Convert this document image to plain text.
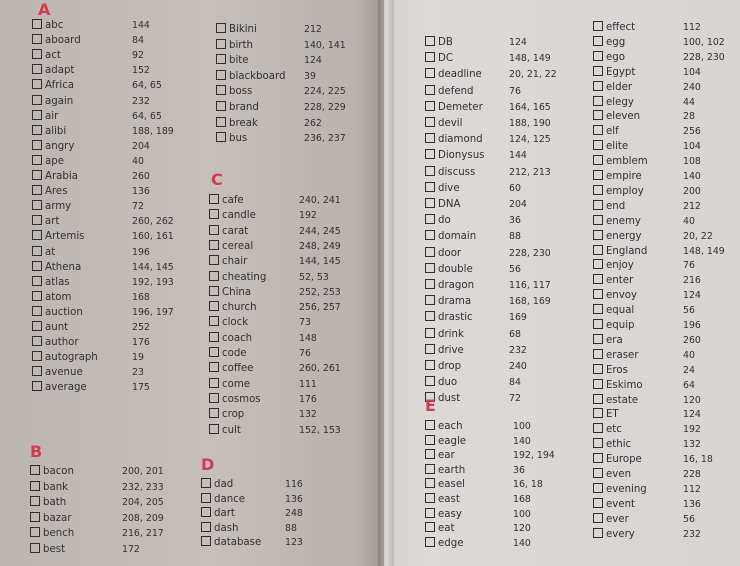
A
abc	144
aboard	84
act	92
adapt	152
Africa	64, 65
again	232
air	64, 65
alibi	188, 189
angry	204
ape	40
Arabia	260
Ares	136
army	72
art	260, 262
Artemis	160, 161
at	196
Athena	144, 145
atlas	192, 193
atom	168
auction	196, 197
aunt	252
author	176
autograph	19
avenue	23
average	175
Bikini	212
birth	140, 141
bite	124
blackboard 39
boss	224, 225
brand	228, 229
break	262
bus	236, 237
B
bacon	200, 201
bank	232, 233
bath	204, 205
bazar	208, 209
bench	216, 217
best	172
C
cafe	240, 241
candle	192
carat	244, 245
cereal	248, 249
chair	144, 145
cheating	52, 53
China	252, 253
church	256, 257
clock	73
coach	148
code	76
coffee	260, 261
come	111
cosmos	176
crop	132
cult	152, 153
D
dad	116
dance	136
dart	248
dash	88
database	123
DB	124
DC	148, 149
deadline	20, 21, 22
defend	76
Demeter	164, 165
devil	188, 190
diamond	124, 125
Dionysus	144
discuss	212, 213
dive	60
DNA	204
do	36
domain	88
door	228, 230
double	56
dragon	116, 117
drama	168, 169
drastic	169
drink	68
drive	232
drop	240
duo	84
dust	72
E
each	100
eagle	140
ear	192, 194
earth	36
easel	16, 18
east	168
easy	100
eat	120
edge	140
effect	112
egg	100, 102
ego	228, 230
Egypt	104
elder	240
elegy	44
eleven	28
elf	256
elite	104
emblem	108
empire	140
employ	200
end	212
enemy	40
energy	20, 22
England	148, 149
enjoy	76
enter	216
envoy	124
equal	56
equip	196
era	260
eraser	40
Eros	24
Eskimo	64
estate	120
ET	124
etc	192
ethic	132
Europe	16, 18
even	228
evening	112
event	136
ever	56
every	232
